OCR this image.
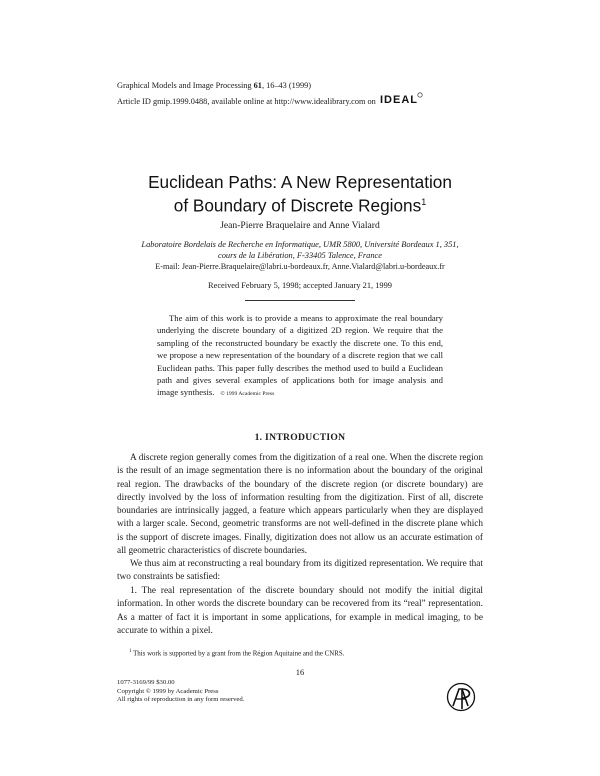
Graphical Models and Image Processing 61, 16–43 (1999)
Article ID gmip.1999.0488, available online at http://www.idealibrary.com on IDEAL
Euclidean Paths: A New Representation
of Boundary of Discrete Regions$^1$
Jean-Pierre Braquelaire and Anne Vialard
Laboratoire Bordelais de Recherche en Informatique, UMR 5800, Université Bordeaux 1, 351,
cours de la Libération, F-33405 Talence, France
E-mail: Jean-Pierre.Braquelaire@labri.u-bordeaux.fr, Anne.Vialard@labri.u-bordeaux.fr
Received February 5, 1998; accepted January 21, 1999

The aim of this work is to provide a means to approximate the real boundary underlying the discrete boundary of a digitized 2D region. We require that the sampling of the reconstructed boundary be exactly the discrete one. To this end, we propose a new representation of the boundary of a discrete region that we call Euclidean paths. This paper fully describes the method used to build a Euclidean path and gives several examples of applications both for image analysis and image synthesis. © 1999 Academic Press

1. INTRODUCTION

A discrete region generally comes from the digitization of a real one. When the discrete region is the result of an image segmentation there is no information about the boundary of the original real region. The drawbacks of the boundary of the discrete region (or discrete boundary) are directly involved by the loss of information resulting from the digitization. First of all, discrete boundaries are intrinsically jagged, a feature which appears particularly when they are displayed with a larger scale. Second, geometric transforms are not well-defined in the discrete plane which is the support of discrete images. Finally, digitization does not allow us an accurate estimation of all geometric characteristics of discrete boundaries.

We thus aim at reconstructing a real boundary from its digitized representation. We require that two constraints be satisfied:

1. The real representation of the discrete boundary should not modify the initial digital information. In other words the discrete boundary can be recovered from its “real” representation. As a matter of fact it is important in some applications, for example in medical imaging, to be accurate to within a pixel.

$^1$ This work is supported by a grant from the Région Aquitaine and the CNRS.
16
1077-3169/99 $30.00
Copyright © 1999 by Academic Press
All rights of reproduction in any form reserved.
